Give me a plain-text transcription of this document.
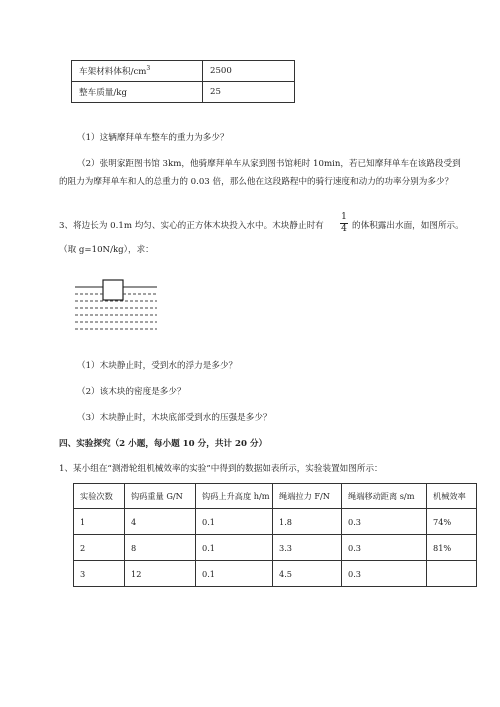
车架材料体积$/cm^3$	2500
整车质量/kg	25
（1）这辆摩拜单车整车的重力为多少？
（2）张明家距图书馆 3km，他骑摩拜单车从家到图书馆耗时 10min，若已知摩拜单车在该路段受到
的阻力为摩拜单车和人的总重力的 0.03 倍，那么他在这段路程中的骑行速度和动力的功率分别为多少？
3、将边长为 0.1m 均匀、实心的正方体木块投入水中。木块静止时有
1
4 的体积露出水面，如图所示。
（取 g=10N/kg），求：
（1）木块静止时，受到水的浮力是多少？
（2）该木块的密度是多少？
（3）木块静止时，木块底部受到水的压强是多少？
四、实验探究（2 小题，每小题 10 分，共计 20 分）
1、某小组在“测滑轮组机械效率的实验”中得到的数据如表所示，实验装置如图所示：
实验次数	钩码重量 G/N	钩码上升高度 h/m	绳端拉力 F/N	绳端移动距离 s/m	机械效率
1	4	0.1	1.8	0.3	74%
2	8	0.1	3.3	0.3	81%
3	12	0.1	4.5	0.3	
